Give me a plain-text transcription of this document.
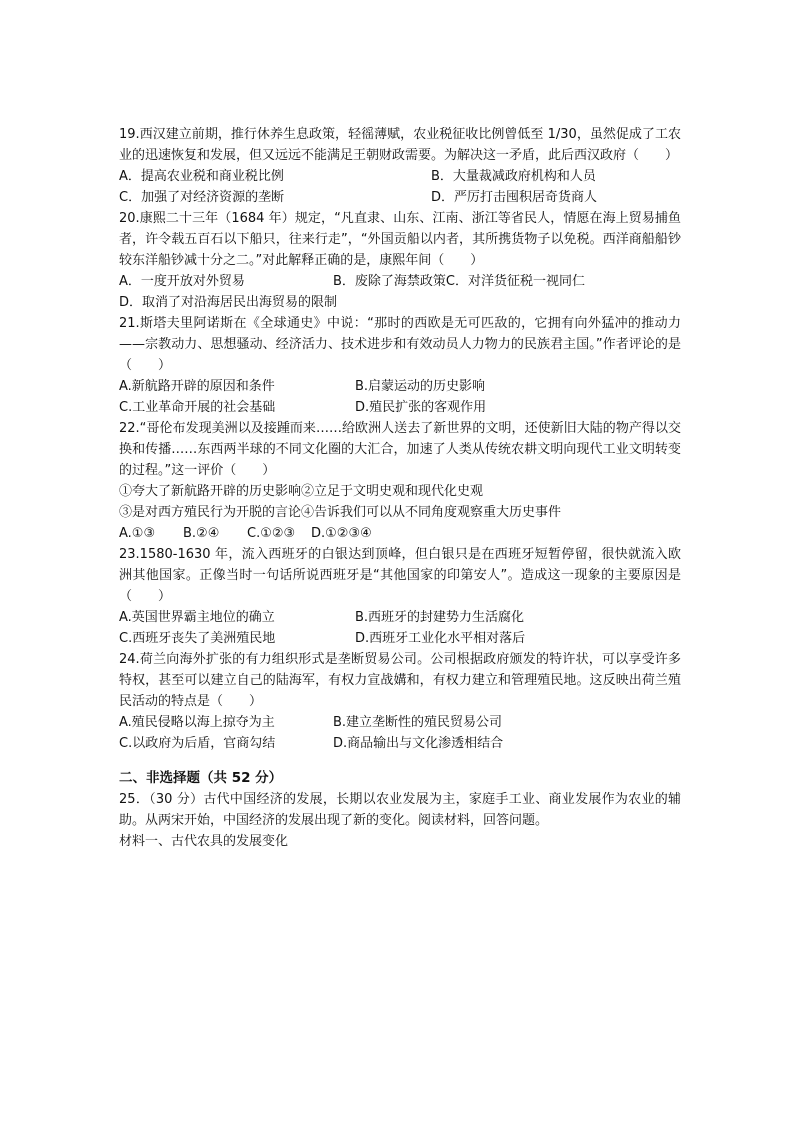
19.西汉建立前期，推行休养生息政策，轻徭薄赋，农业税征收比例曾低至 1/30，虽然促成了工农业的迅速恢复和发展，但又远远不能满足王朝财政需要。为解决这一矛盾，此后西汉政府（　　）

A．提高农业税和商业税比例	B．大量裁减政府机构和人员
C．加强了对经济资源的垄断	D．严厉打击囤积居奇货商人

20.康熙二十三年（1684 年）规定，“凡直隶、山东、江南、浙江等省民人，情愿在海上贸易捕鱼者，许令载五百石以下船只，往来行走”，“外国贡船以内者，其所携货物子以免税。西洋商船船钞较东洋船钞减十分之二。”对此解释正确的是，康熙年间（　　）

A．一度开放对外贸易	B．废除了海禁政策 C．对洋货征税一视同仁
D．取消了对沿海居民出海贸易的限制

21.斯塔夫里阿诺斯在《全球通史》中说：“那时的西欧是无可匹敌的，它拥有向外猛冲的推动力——宗教动力、思想骚动、经济活力、技术进步和有效动员人力物力的民族君主国。”作者评论的是（　　）

A.新航路开辟的原因和条件	B.启蒙运动的历史影响
C.工业革命开展的社会基础	D.殖民扩张的客观作用

22.“哥伦布发现美洲以及接踵而来……给欧洲人送去了新世界的文明，还使新旧大陆的物产得以交换和传播……东西两半球的不同文化圈的大汇合，加速了人类从传统农耕文明向现代工业文明转变的过程。”这一评价（　　）

①夸大了新航路开辟的历史影响②立足于文明史观和现代化史观

③是对西方殖民行为开脱的言论④告诉我们可以从不同角度观察重大历史事件

A.①③	B.②④	C.①②③	D.①②③④

23.1580-1630 年，流入西班牙的白银达到顶峰，但白银只是在西班牙短暂停留，很快就流入欧洲其他国家。正像当时一句话所说西班牙是“其他国家的印第安人”。造成这一现象的主要原因是（　　）

A.英国世界霸主地位的确立	B.西班牙的封建势力生活腐化
C.西班牙丧失了美洲殖民地	D.西班牙工业化水平相对落后

24.荷兰向海外扩张的有力组织形式是垄断贸易公司。公司根据政府颁发的特许状，可以享受许多特权，甚至可以建立自己的陆海军，有权力宣战媾和，有权力建立和管理殖民地。这反映出荷兰殖民活动的特点是（　　）

A.殖民侵略以海上掠夺为主	B.建立垄断性的殖民贸易公司
C.以政府为后盾，官商勾结	D.商品输出与文化渗透相结合
二、非选择题（共 52 分）

25．（30 分）古代中国经济的发展，长期以农业发展为主，家庭手工业、商业发展作为农业的辅助。从两宋开始，中国经济的发展出现了新的变化。阅读材料，回答问题。

材料一、古代农具的发展变化
